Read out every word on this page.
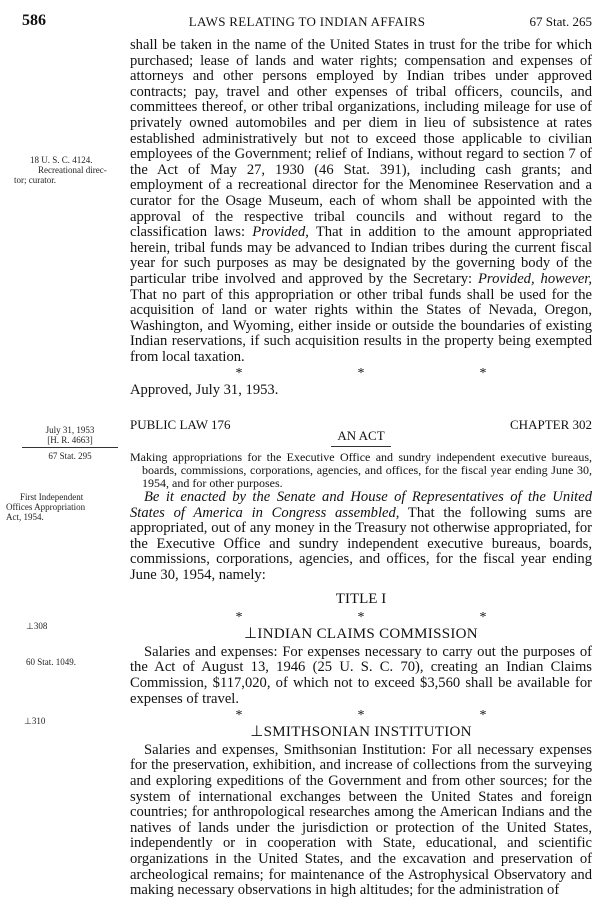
586	LAWS RELATING TO INDIAN AFFAIRS	67 Stat. 265
18 U. S. C. 4124.
Recreational direc-
tor; curator.
July 31, 1953
[H. R. 4663]
67 Stat. 295
First Independent
Offices Appropriation
Act, 1954.
⊥308
60 Stat. 1049.
⊥310

shall be taken in the name of the United States in trust for the tribe for which purchased; lease of lands and water rights; compensation and expenses of attorneys and other persons employed by Indian tribes under approved contracts; pay, travel and other expenses of tribal officers, councils, and committees thereof, or other tribal organizations, including mileage for use of privately owned automobiles and per diem in lieu of subsistence at rates established administratively but not to exceed those applicable to civilian employees of the Government; relief of Indians, without regard to section 7 of the Act of May 27, 1930 (46 Stat. 391), including cash grants; and employment of a recreational director for the Menominee Reservation and a curator for the Osage Museum, each of whom shall be appointed with the approval of the respective tribal councils and without regard to the classification laws: Provided, That in addition to the amount appropriated herein, tribal funds may be advanced to Indian tribes during the current fiscal year for such purposes as may be designated by the governing body of the particular tribe involved and approved by the Secretary: Provided, however, That no part of this appropriation or other tribal funds shall be used for the acquisition of land or water rights within the States of Nevada, Oregon, Washington, and Wyoming, either inside or outside the boundaries of existing Indian reservations, if such acquisition results in the property being exempted from local taxation.

*	*	*

Approved, July 31, 1953.

PUBLIC LAW 176	CHAPTER 302
AN ACT

Making appropriations for the Executive Office and sundry independent executive bureaus, boards, commissions, corporations, agencies, and offices, for the fiscal year ending June 30, 1954, and for other purposes.

Be it enacted by the Senate and House of Representatives of the United States of America in Congress assembled, That the following sums are appropriated, out of any money in the Treasury not otherwise appropriated, for the Executive Office and sundry independent executive bureaus, boards, commissions, corporations, agencies, and offices, for the fiscal year ending June 30, 1954, namely:

TITLE I
*	*	*
⊥INDIAN CLAIMS COMMISSION

Salaries and expenses: For expenses necessary to carry out the purposes of the Act of August 13, 1946 (25 U. S. C. 70), creating an Indian Claims Commission, $117,020, of which not to exceed $3,560 shall be available for expenses of travel.

*	*	*
⊥SMITHSONIAN INSTITUTION

Salaries and expenses, Smithsonian Institution: For all necessary expenses for the preservation, exhibition, and increase of collections from the surveying and exploring expeditions of the Government and from other sources; for the system of international exchanges between the United States and foreign countries; for anthropological researches among the American Indians and the natives of lands under the jurisdiction or protection of the United States, independently or in cooperation with State, educational, and scientific organizations in the United States, and the excavation and preservation of archeological remains; for maintenance of the Astrophysical Observatory and making necessary observations in high altitudes; for the administration of
